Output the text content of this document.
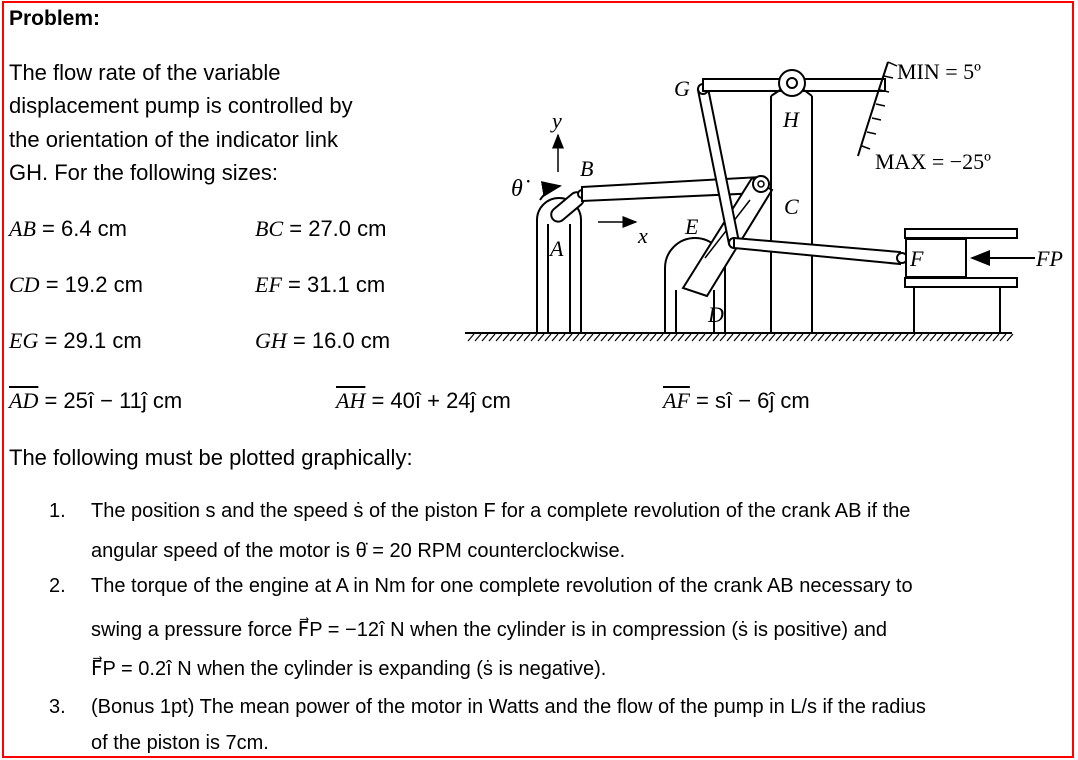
Problem:
The flow rate of the variable
displacement pump is controlled by
the orientation of the indicator link
GH. For the following sizes:
AB = 6.4 cm	BC = 27.0 cm
CD = 19.2 cm	EF = 31.1 cm
EG = 29.1 cm	GH = 16.0 cm
$\overline{AD}$ = 25î − 11ĵ cm	$\overline{AH}$ = 40î + 24ĵ cm	$\overline{AF}$ = sî − 6ĵ cm
The following must be plotted graphically:
1. The position s and the speed ṡ of the piston F for a complete revolution of the crank AB if the
angular speed of the motor is θ̇ = 20 RPM counterclockwise.
2. The torque of the engine at A in Nm for one complete revolution of the crank AB necessary to
swing a pressure force F⃗P = −12î N when the cylinder is in compression (ṡ is positive) and
F⃗P = 0.2î N when the cylinder is expanding (ṡ is negative).
3. (Bonus 1pt) The mean power of the motor in Watts and the flow of the pump in L/s if the radius
of the piston is 7cm.
MIN = 5º
MAX = −25º
G
H
B
C
A
E
D
F
x
y
θ̇
FP
